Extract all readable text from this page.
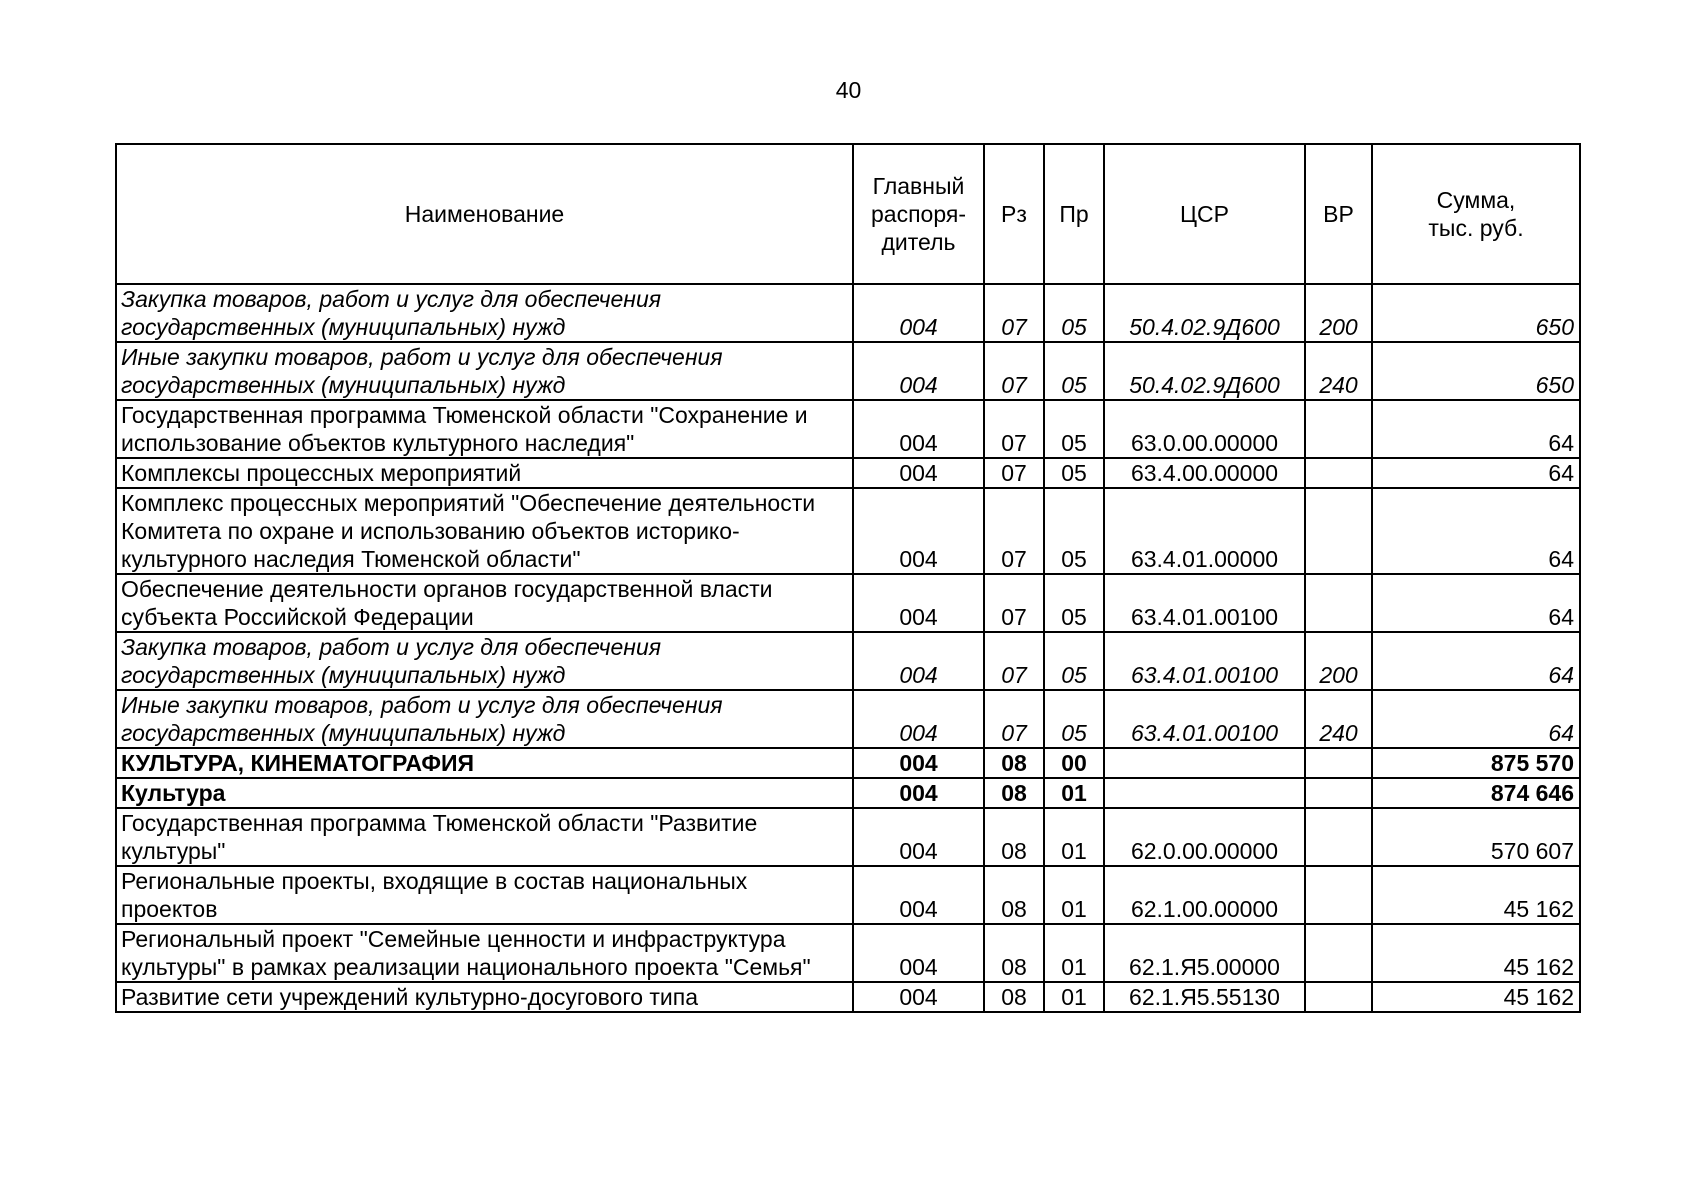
40
Наименование	Главный распоря-дитель	Рз	Пр	ЦСР	ВР	Сумма, тыс. руб.
Закупка товаров, работ и услуг для обеспечения государственных (муниципальных) нужд	004	07	05	50.4.02.9Д600	200	650
Иные закупки товаров, работ и услуг для обеспечения государственных (муниципальных) нужд	004	07	05	50.4.02.9Д600	240	650
Государственная программа Тюменской области "Сохранение и использование объектов культурного наследия"	004	07	05	63.0.00.00000		64
Комплексы процессных мероприятий	004	07	05	63.4.00.00000		64
Комплекс процессных мероприятий "Обеспечение деятельности Комитета по охране и использованию объектов историко-культурного наследия Тюменской области"	004	07	05	63.4.01.00000		64
Обеспечение деятельности органов государственной власти субъекта Российской Федерации	004	07	05	63.4.01.00100		64
Закупка товаров, работ и услуг для обеспечения государственных (муниципальных) нужд	004	07	05	63.4.01.00100	200	64
Иные закупки товаров, работ и услуг для обеспечения государственных (муниципальных) нужд	004	07	05	63.4.01.00100	240	64
КУЛЬТУРА, КИНЕМАТОГРАФИЯ	004	08	00			875 570
Культура	004	08	01			874 646
Государственная программа Тюменской области "Развитие культуры"	004	08	01	62.0.00.00000		570 607
Региональные проекты, входящие в состав национальных проектов	004	08	01	62.1.00.00000		45 162
Региональный проект "Семейные ценности и инфраструктура культуры" в рамках реализации национального проекта "Семья"	004	08	01	62.1.Я5.00000		45 162
Развитие сети учреждений культурно-досугового типа	004	08	01	62.1.Я5.55130		45 162
